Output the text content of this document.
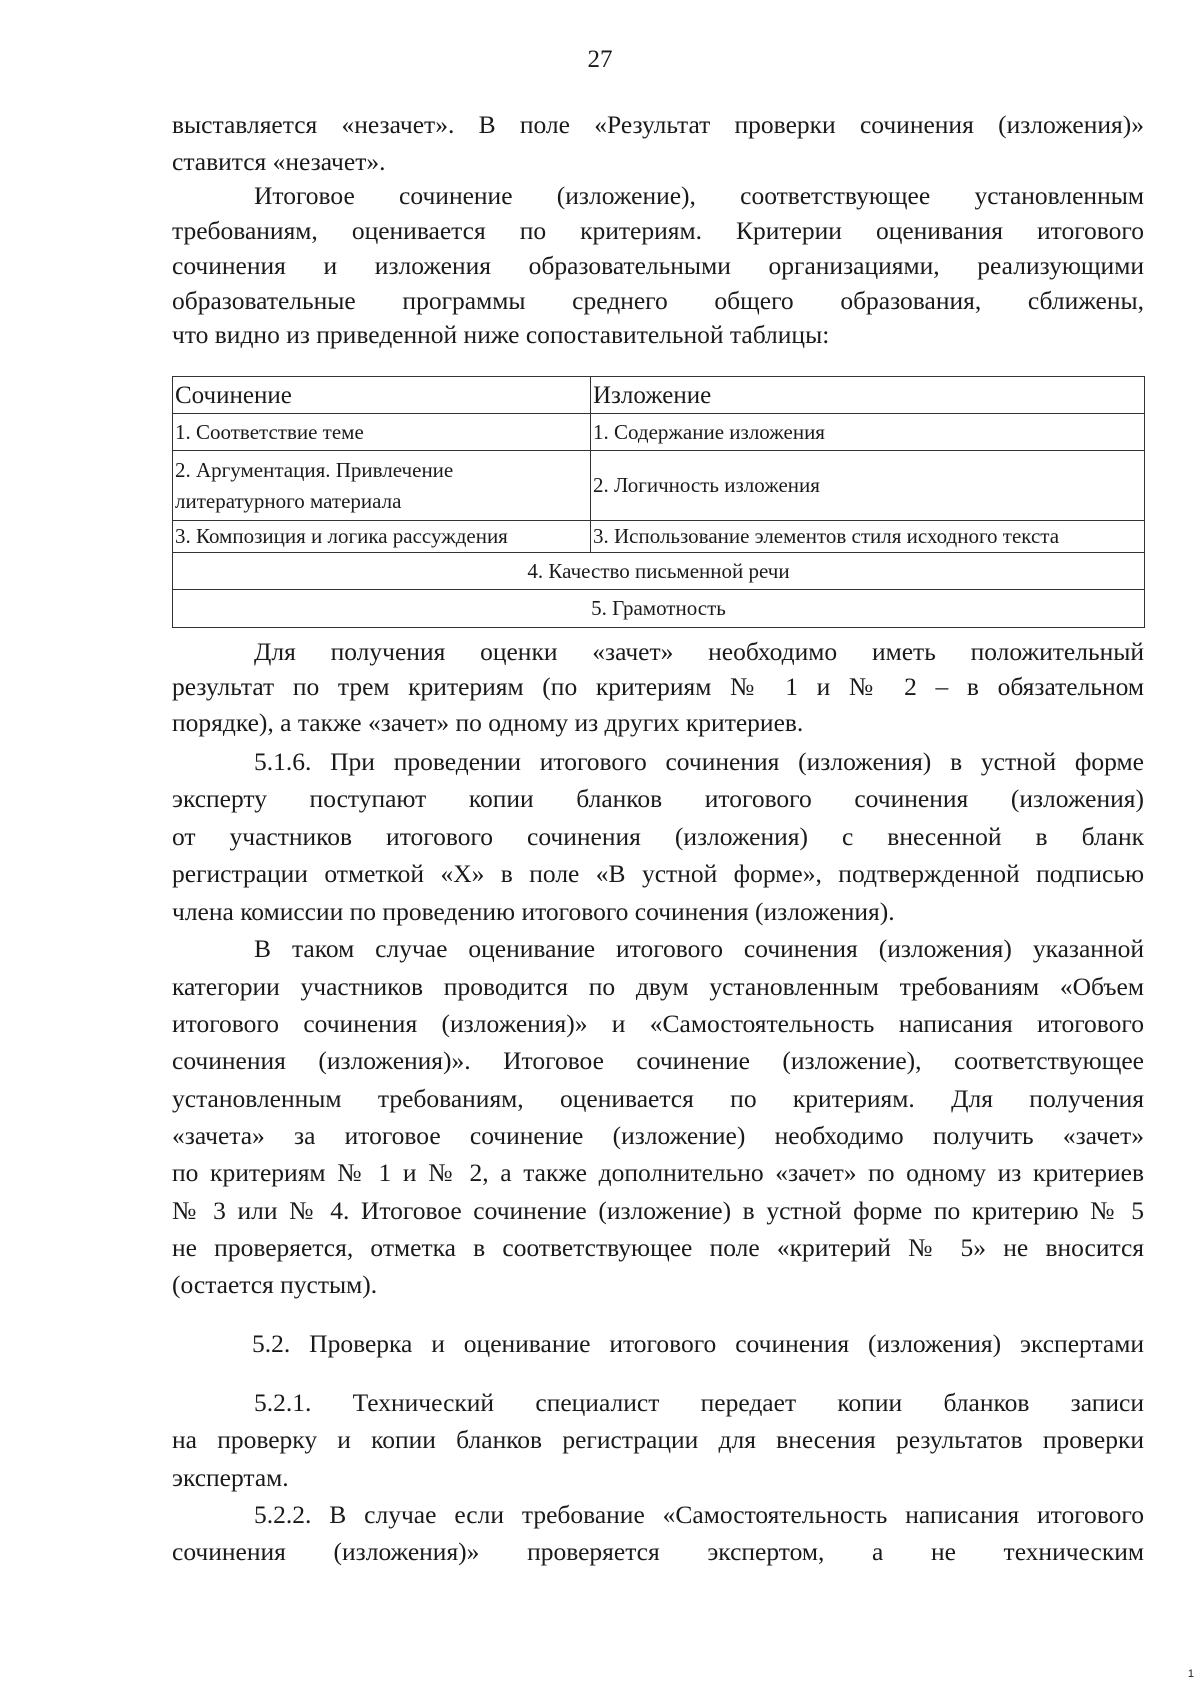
27
выставляется «незачет». В поле «Результат проверки сочинения (изложения)»
ставится «незачет».
Итоговое сочинение (изложение), соответствующее установленным
требованиям, оценивается по критериям. Критерии оценивания итогового
сочинения и изложения образовательными организациями, реализующими
образовательные программы среднего общего образования, сближены,
что видно из приведенной ниже сопоставительной таблицы:
Сочинение	Изложение
1. Соответствие теме	1. Содержание изложения
2. Аргументация. Привлечение литературного материала	2. Логичность изложения
3. Композиция и логика рассуждения	3. Использование элементов стиля исходного текста
4. Качество письменной речи	
5. Грамотность	
Для получения оценки «зачет» необходимо иметь положительный
результат по трем критериям (по критериям № 1 и № 2 – в обязательном
порядке), а также «зачет» по одному из других критериев.
5.1.6. При проведении итогового сочинения (изложения) в устной форме
эксперту поступают копии бланков итогового сочинения (изложения)
от участников итогового сочинения (изложения) с внесенной в бланк
регистрации отметкой «Х» в поле «В устной форме», подтвержденной подписью
члена комиссии по проведению итогового сочинения (изложения).
В таком случае оценивание итогового сочинения (изложения) указанной
категории участников проводится по двум установленным требованиям «Объем
итогового сочинения (изложения)» и «Самостоятельность написания итогового
сочинения (изложения)». Итоговое сочинение (изложение), соответствующее
установленным требованиям, оценивается по критериям. Для получения
«зачета» за итоговое сочинение (изложение) необходимо получить «зачет»
по критериям № 1 и № 2, а также дополнительно «зачет» по одному из критериев
№ 3 или № 4. Итоговое сочинение (изложение) в устной форме по критерию № 5
не проверяется, отметка в соответствующее поле «критерий № 5» не вносится
(остается пустым).
5.2. Проверка и оценивание итогового сочинения (изложения) экспертами
5.2.1. Технический специалист передает копии бланков записи
на проверку и копии бланков регистрации для внесения результатов проверки
экспертам.
5.2.2. В случае если требование «Самостоятельность написания итогового
сочинения (изложения)» проверяется экспертом, а не техническим
1
